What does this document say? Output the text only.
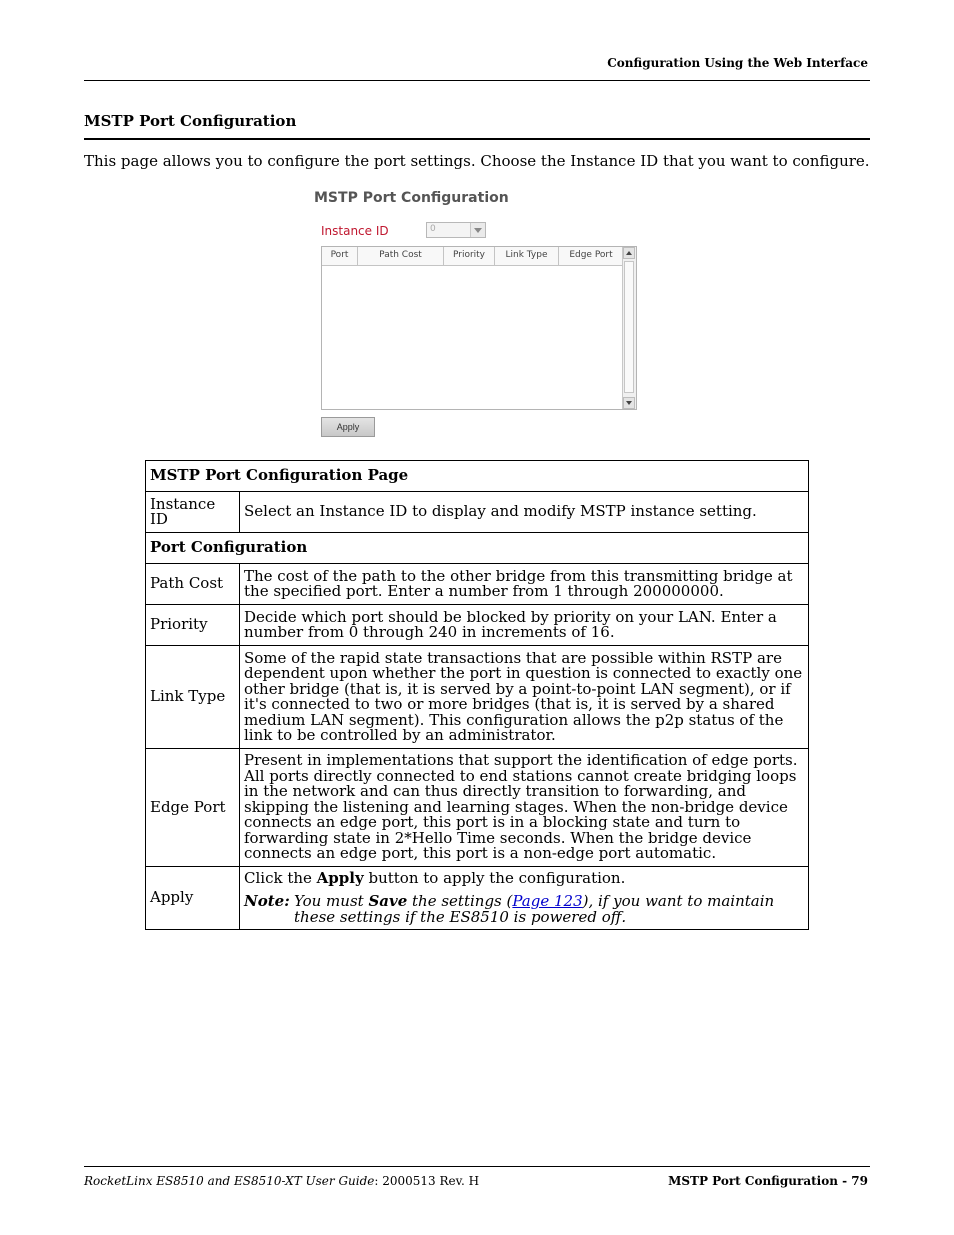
Configuration Using the Web Interface
MSTP Port Configuration
This page allows you to configure the port settings. Choose the Instance ID that you want to configure.
MSTP Port Configuration
Instance ID	0
Port	Path Cost	Priority	Link Type	Edge Port
Apply
MSTP Port Configuration Page	
Instance ID	Select an Instance ID to display and modify MSTP instance setting.
Port Configuration	
Path Cost	The cost of the path to the other bridge from this transmitting bridge at the specified port. Enter a number from 1 through 200000000.
Priority	Decide which port should be blocked by priority on your LAN. Enter a number from 0 through 240 in increments of 16.
Link Type	Some of the rapid state transactions that are possible within RSTP are dependent upon whether the port in question is connected to exactly one other bridge (that is, it is served by a point-to-point LAN segment), or if it's connected to two or more bridges (that is, it is served by a shared medium LAN segment). This configuration allows the p2p status of the link to be controlled by an administrator.
Edge Port	Present in implementations that support the identification of edge ports. All ports directly connected to end stations cannot create bridging loops in the network and can thus directly transition to forwarding, and skipping the listening and learning stages. When the non-bridge device connects an edge port, this port is in a blocking state and turn to forwarding state in 2*Hello Time seconds. When the bridge device connects an edge port, this port is a non-edge port automatic.
Apply	Click the Apply button to apply the configuration.
Note: You must Save the settings (Page 123), if you want to maintain these settings if the ES8510 is powered off.
RocketLinx ES8510 and ES8510-XT User Guide: 2000513 Rev. H	MSTP Port Configuration - 79
